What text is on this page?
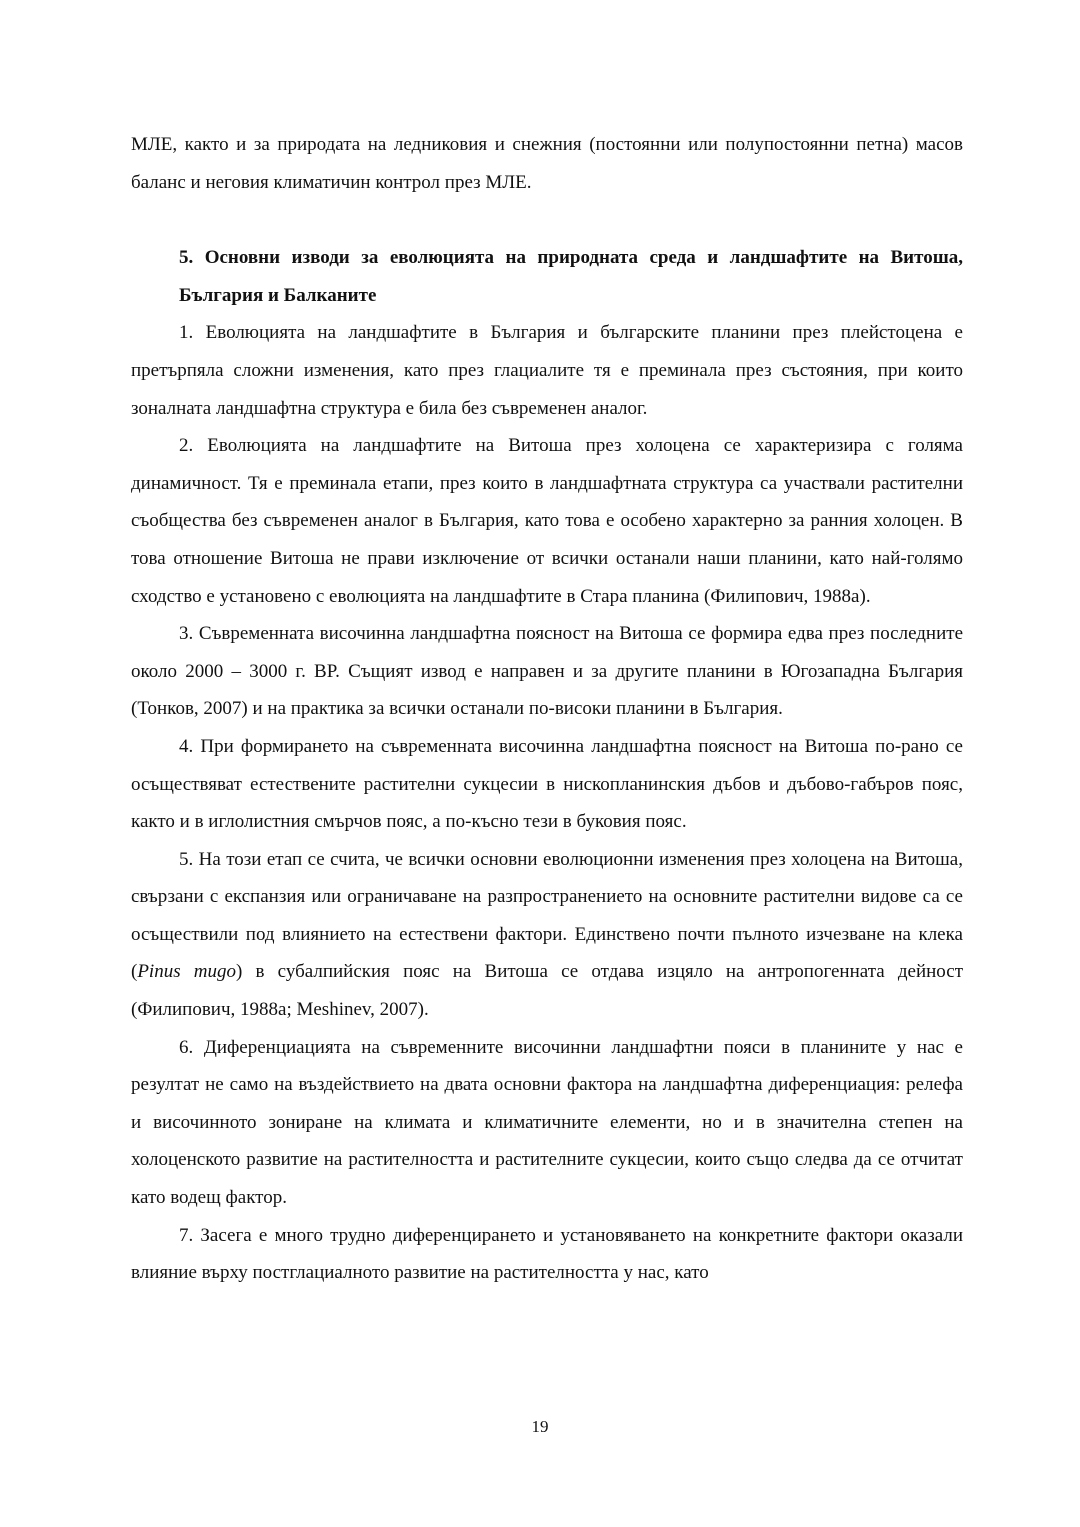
МЛЕ, както и за природата на ледниковия и снежния (постоянни или полупостоянни петна) масов баланс и неговия климатичин контрол през МЛЕ.

5. Основни изводи за еволюцията на природната среда и ландшафтите на Витоша, България и Балканите

1. Еволюцията на ландшафтите в България и българските планини през плейстоцена е претърпяла сложни изменения, като през глациалите тя е преминала през състояния, при които зоналната ландшафтна структура е била без съвременен аналог.

2. Еволюцията на ландшафтите на Витоша през холоцена се характеризира с голяма динамичност. Тя е преминала етапи, през които в ландшафтната структура са участвали растителни съобщества без съвременен аналог в България, като това е особено характерно за ранния холоцен. В това отношение Витоша не прави изключение от всички останали наши планини, като най-голямо сходство е установено с еволюцията на ландшафтите в Стара планина (Филипович, 1988а).

3. Съвременната височинна ландшафтна поясност на Витоша се формира едва през последните около 2000 – 3000 г. BP. Същият извод е направен и за другите планини в Югозападна България (Тонков, 2007) и на практика за всички останали по-високи планини в България.

4. При формирането на съвременната височинна ландшафтна поясност на Витоша по-рано се осъществяват естествените растителни сукцесии в нископланинския дъбов и дъбово-габъров пояс, както и в иглолистния смърчов пояс, а по-късно тези в буковия пояс.

5. На този етап се счита, че всички основни еволюционни изменения през холоцена на Витоша, свързани с експанзия или ограничаване на разпространението на основните растителни видове са се осъществили под влиянието на естествени фактори. Единствено почти пълното изчезване на клека (Pinus mugo) в субалпийския пояс на Витоша се отдава изцяло на антропогенната дейност (Филипович, 1988а; Meshinev, 2007).

6. Диференциацията на съвременните височинни ландшафтни пояси в планините у нас е резултат не само на въздействието на двата основни фактора на ландшафтна диференциация: релефа и височинното зониране на климата и климатичните елементи, но и в значителна степен на холоценското развитие на растителността и растителните сукцесии, които също следва да се отчитат като водещ фактор.

7. Засега е много трудно диференцирането и установяването на конкретните фактори оказали влияние върху постглациалното развитие на растителността у нас, като

19
